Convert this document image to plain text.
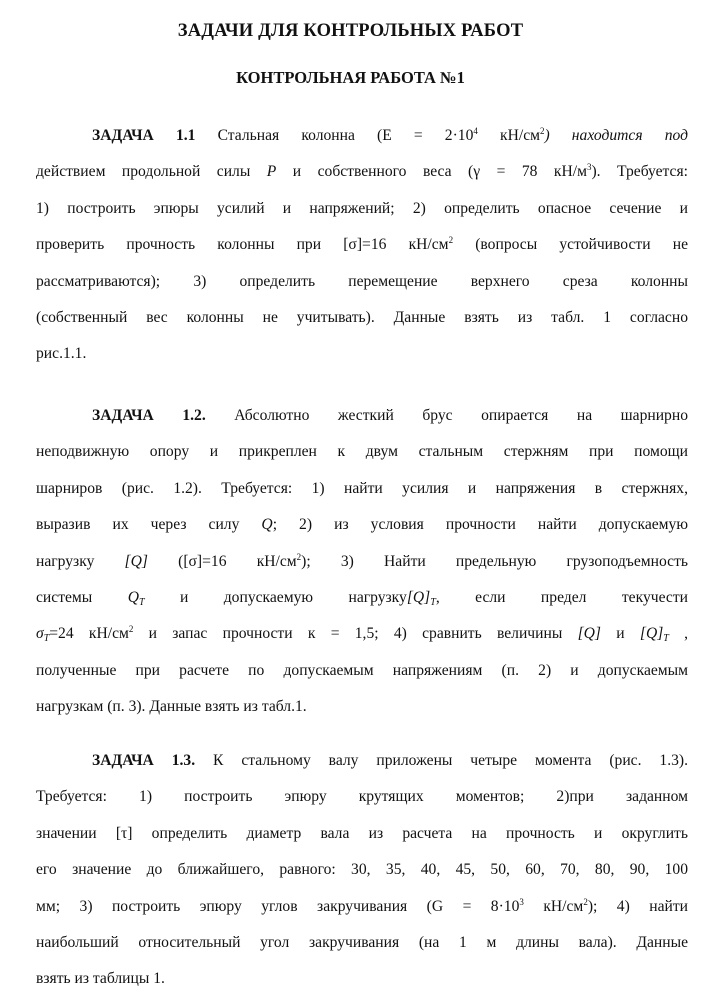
ЗАДАЧИ ДЛЯ КОНТРОЛЬНЫХ РАБОТ
КОНТРОЛЬНАЯ РАБОТА №1
ЗАДАЧА 1.1 Стальная колонна ($Е = 2\cdot 10^4$ $кН/см^2$) находится под
действием продольной силы Р и собственного веса (γ = 78 $кН/м^3$). Требуется:
1) построить эпюры усилий и напряжений; 2) определить опасное сечение и
проверить прочность колонны при [σ]=16 $кН/см^2$ (вопросы устойчивости не
рассматриваются); 3) определить перемещение верхнего среза колонны
(собственный вес колонны не учитывать). Данные взять из табл. 1 согласно
рис.1.1.
ЗАДАЧА 1.2. Абсолютно жесткий брус опирается на шарнирно
неподвижную опору и прикреплен к двум стальным стержням при помощи
шарниров (рис. 1.2). Требуется: 1) найти усилия и напряжения в стержнях,
выразив их через силу Q; 2) из условия прочности найти допускаемую
нагрузку [Q] ([σ]=16 $кН/см^2$); 3) Найти предельную грузоподъемность
системы $Q_T$ и допускаемую $нагрузку[Q]_T$, если предел текучести
$\sigma_T=24$ $кН/см^2$ и запас прочности к = 1,5; 4) сравнить величины [Q] и $[Q]_T$ ,
полученные при расчете по допускаемым напряжениям (п. 2) и допускаемым
нагрузкам (п. 3). Данные взять из табл.1.
ЗАДАЧА 1.3. К стальному валу приложены четыре момента (рис. 1.3).
Требуется: 1) построить эпюру крутящих моментов; 2)при заданном
значении [τ] определить диаметр вала из расчета на прочность и округлить
его значение до ближайшего, равного: 30, 35, 40, 45, 50, 60, 70, 80, 90, 100
мм; 3) построить эпюру углов закручивания ($G = 8\cdot 10^3$ $кН/см^2$); 4) найти
наибольший относительный угол закручивания (на 1 м длины вала). Данные
взять из таблицы 1.
